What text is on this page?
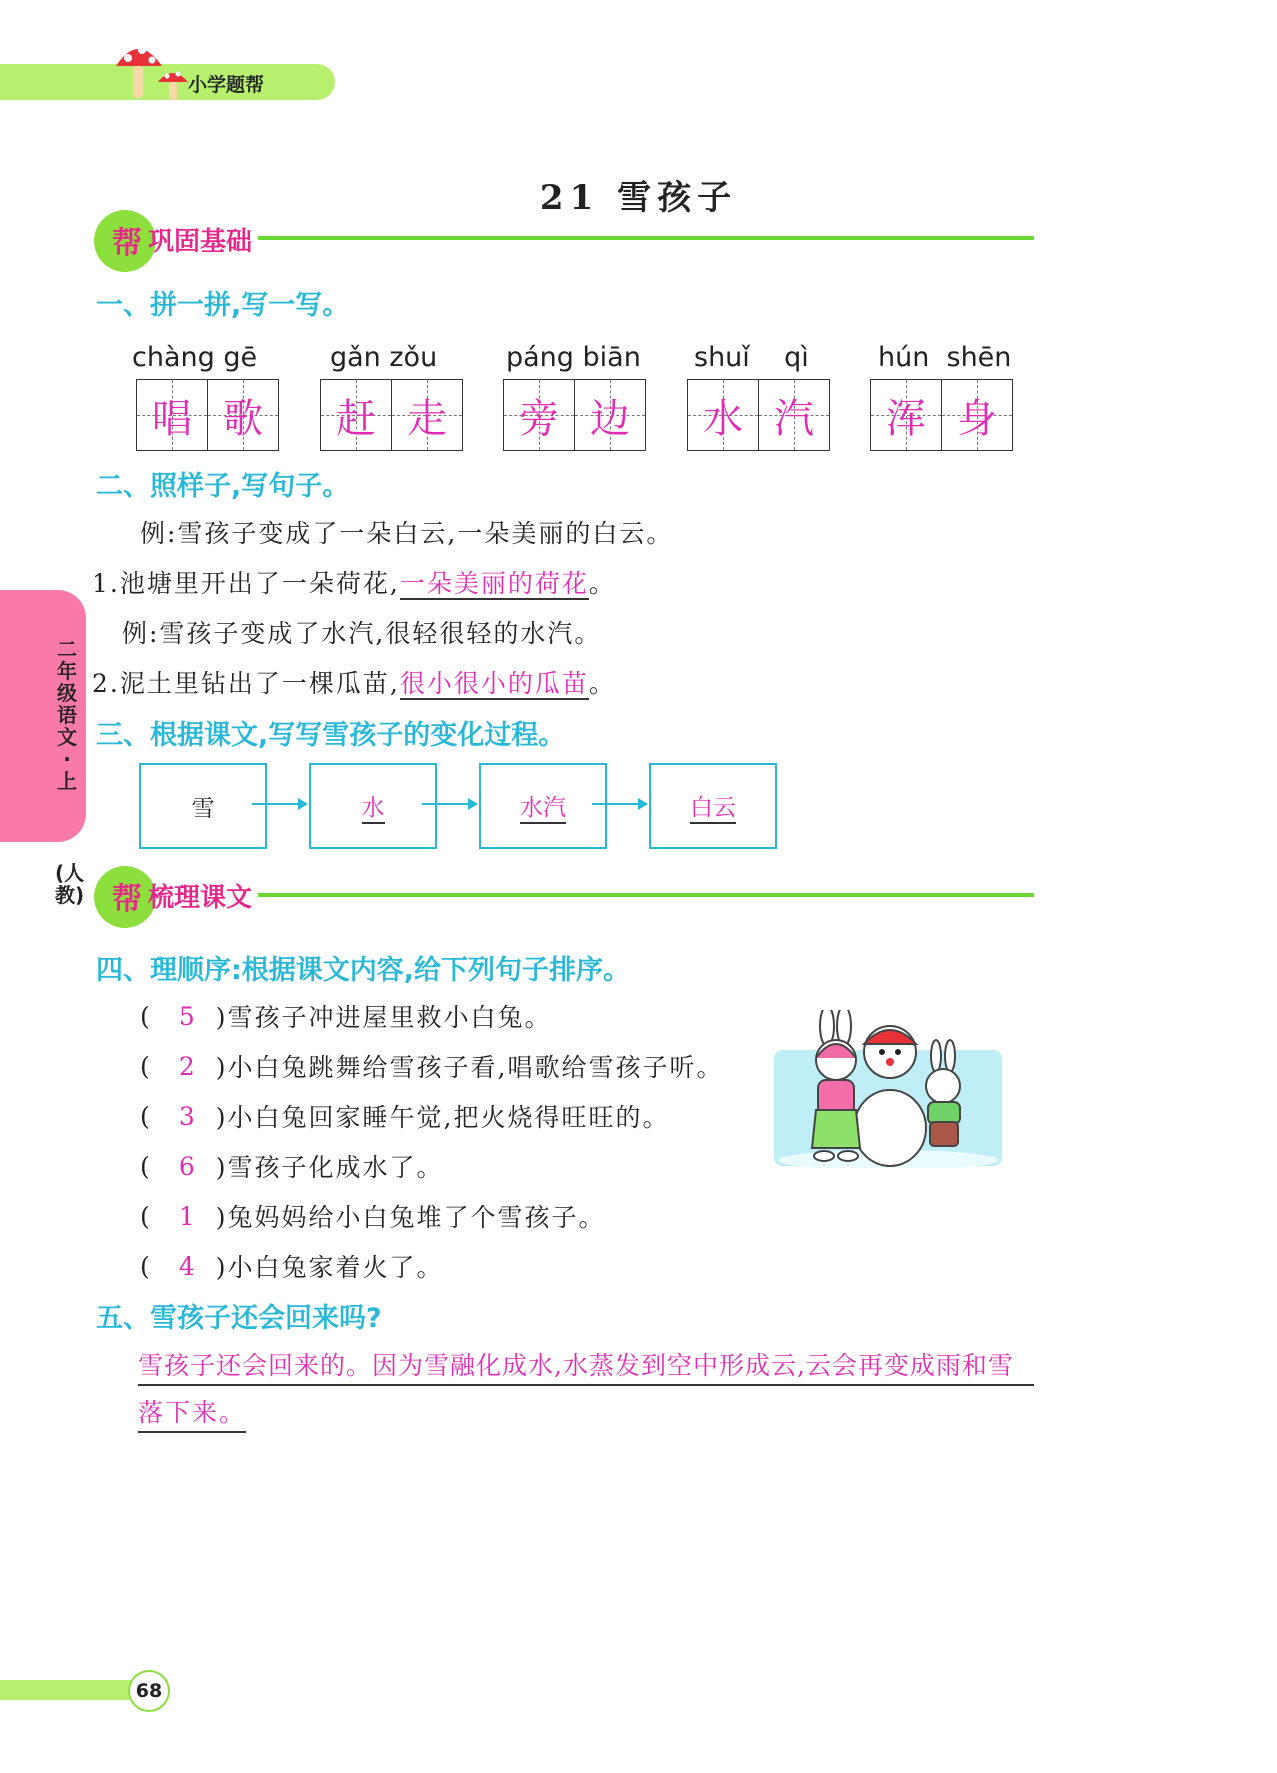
小学题帮
21 雪孩子
二年级语文·上
(人教)
帮 巩固基础
一、拼一拼,写一写。
chàng gē
唱 歌
gǎn zǒu
赶 走
páng biān
旁 边
shuǐ    qì
水 汽
hún  shēn
浑 身
二、照样子,写句子。
例:雪孩子变成了一朵白云,一朵美丽的白云。
1.池塘里开出了一朵荷花,一朵美丽的荷花。
例:雪孩子变成了水汽,很轻很轻的水汽。
2.泥土里钻出了一棵瓜苗,很小很小的瓜苗。
三、根据课文,写写雪孩子的变化过程。
雪	水	水汽	白云
帮 梳理课文
四、理顺序:根据课文内容,给下列句子排序。
( 5 )雪孩子冲进屋里救小白兔。
( 2 )小白兔跳舞给雪孩子看,唱歌给雪孩子听。
( 3 )小白兔回家睡午觉,把火烧得旺旺的。
( 6 )雪孩子化成水了。
( 1 )兔妈妈给小白兔堆了个雪孩子。
( 4 )小白兔家着火了。
五、雪孩子还会回来吗?
雪孩子还会回来的。因为雪融化成水,水蒸发到空中形成云,云会再变成雨和雪
落下来。
68
